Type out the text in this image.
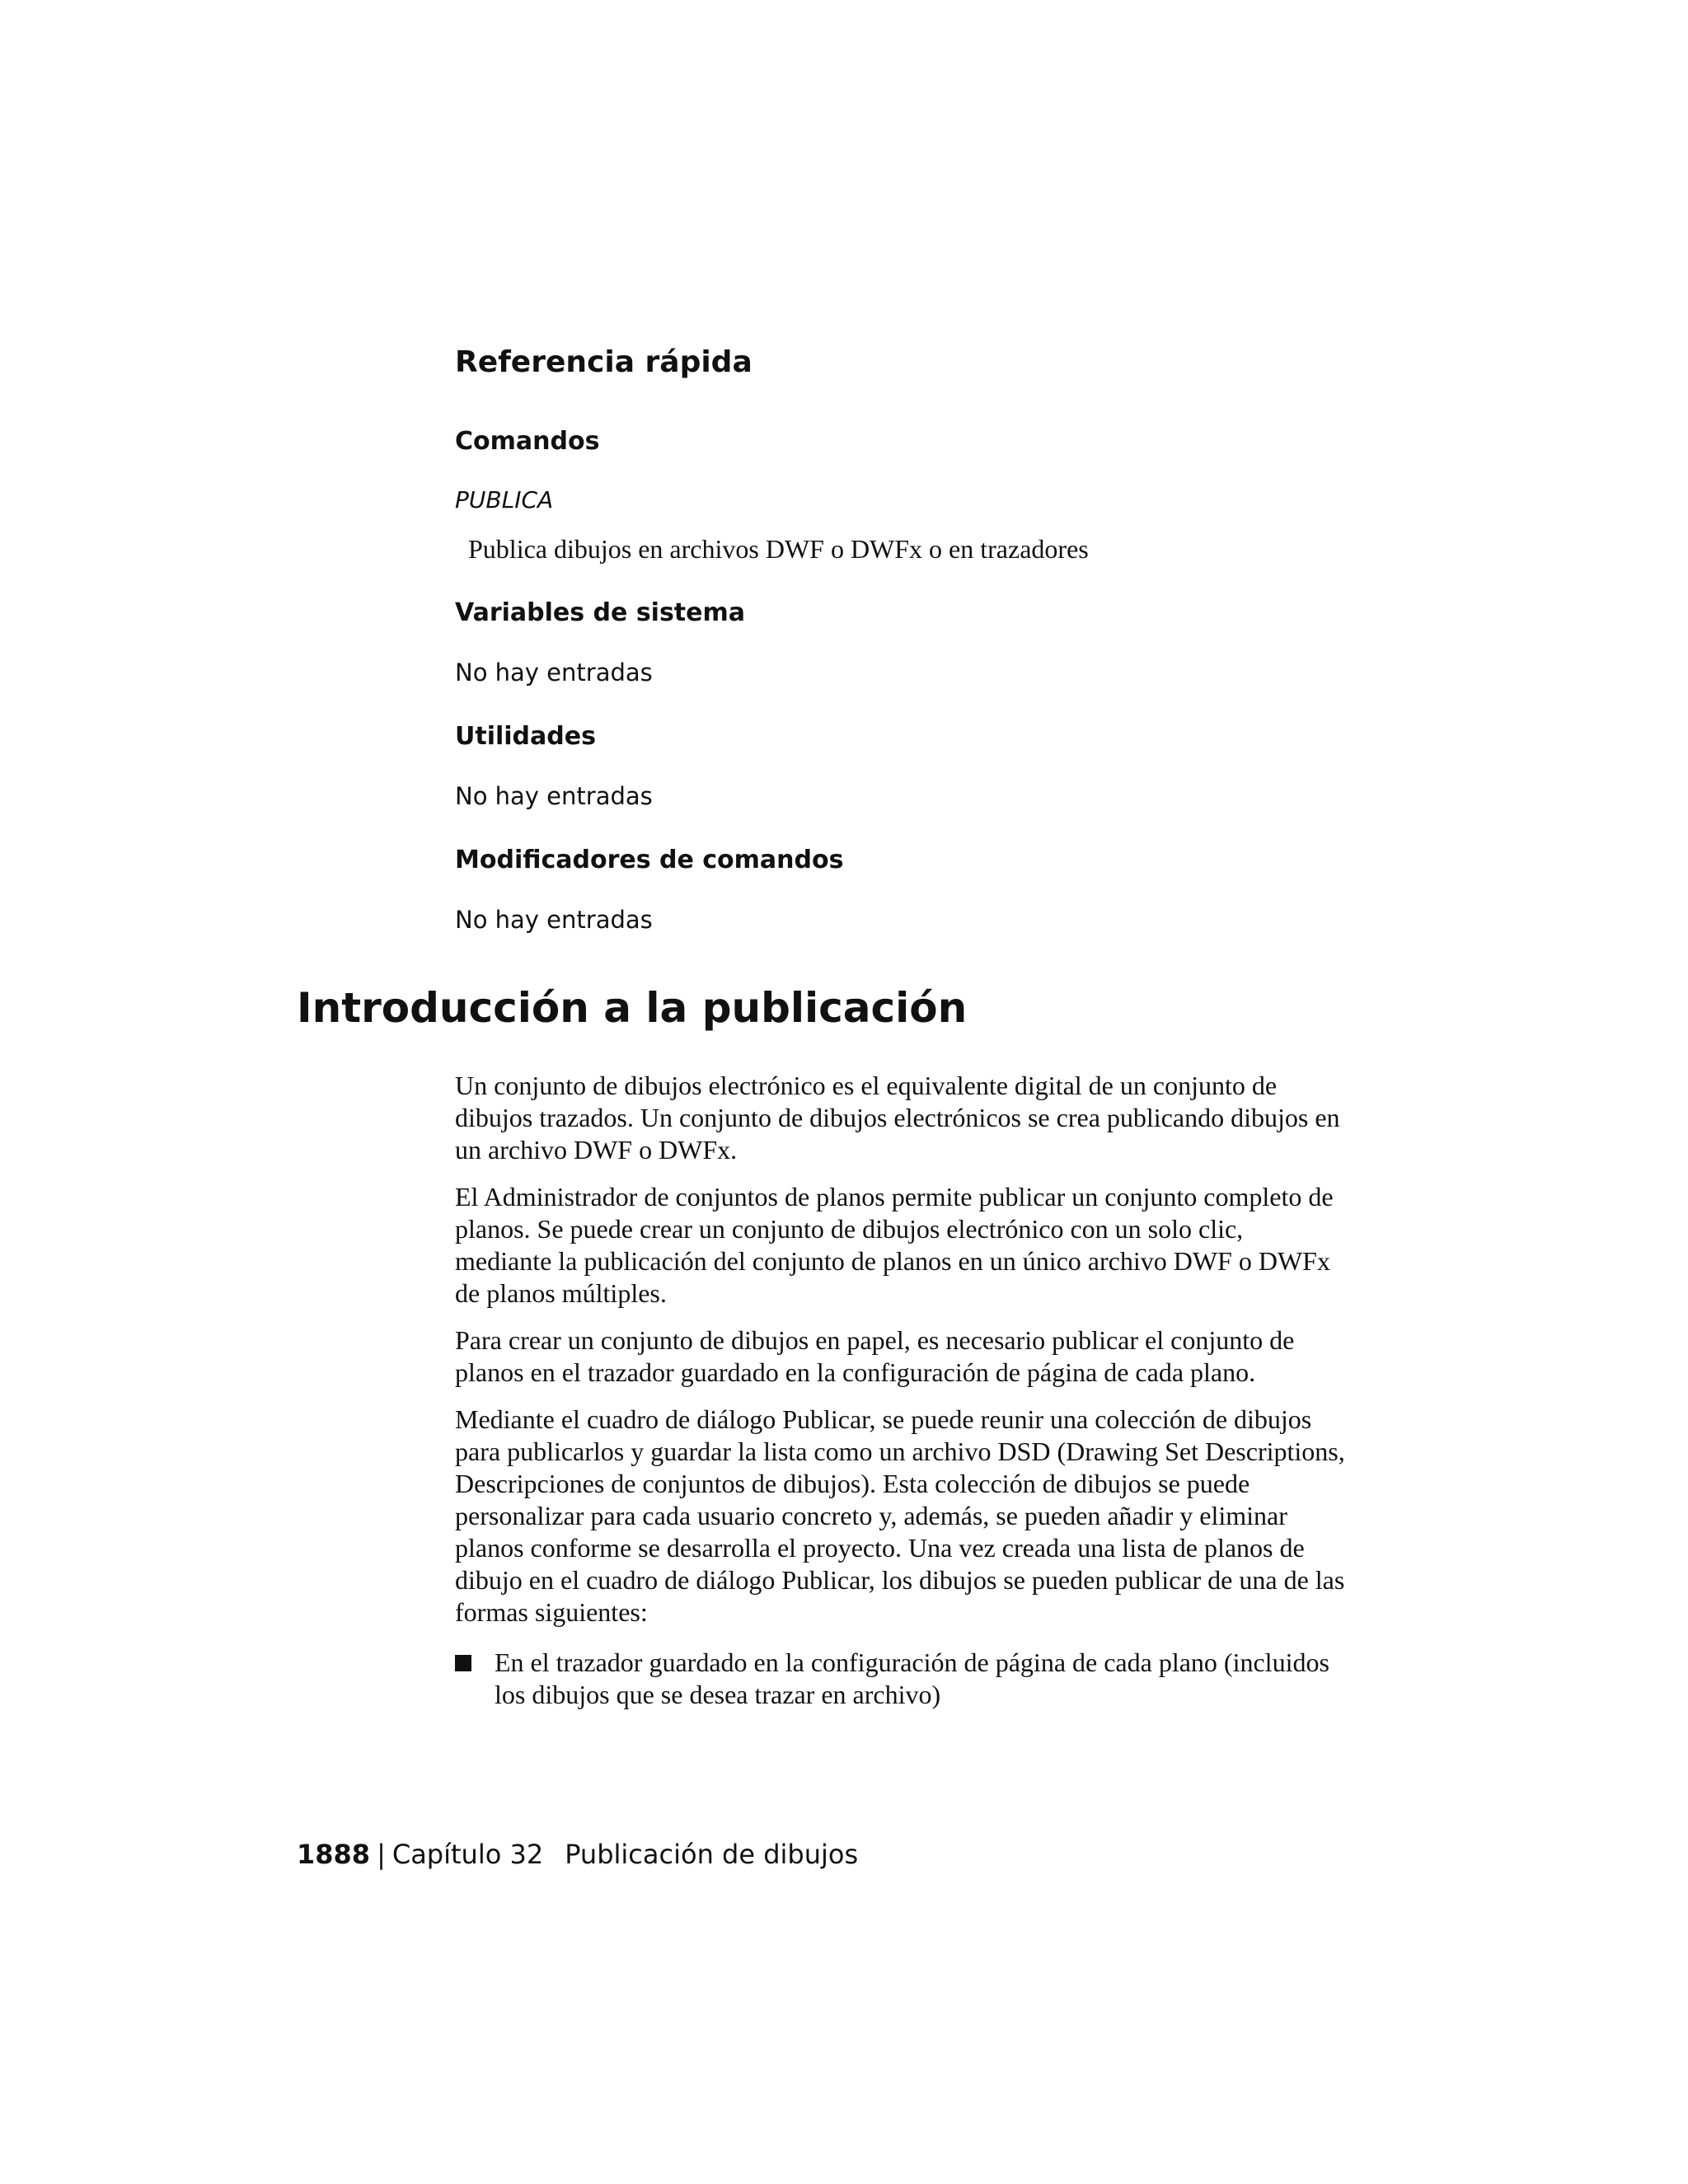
Referencia rápida
Comandos
PUBLICA
Publica dibujos en archivos DWF o DWFx o en trazadores
Variables de sistema
No hay entradas
Utilidades
No hay entradas
Modificadores de comandos
No hay entradas
Introducción a la publicación

Un conjunto de dibujos electrónico es el equivalente digital de un conjunto de dibujos trazados. Un conjunto de dibujos electrónicos se crea publicando dibujos en un archivo DWF o DWFx.

El Administrador de conjuntos de planos permite publicar un conjunto completo de planos. Se puede crear un conjunto de dibujos electrónico con un solo clic, mediante la publicación del conjunto de planos en un único archivo DWF o DWFx de planos múltiples.

Para crear un conjunto de dibujos en papel, es necesario publicar el conjunto de planos en el trazador guardado en la configuración de página de cada plano.

Mediante el cuadro de diálogo Publicar, se puede reunir una colección de dibujos para publicarlos y guardar la lista como un archivo DSD (Drawing Set Descriptions, Descripciones de conjuntos de dibujos). Esta colección de dibujos se puede personalizar para cada usuario concreto y, además, se pueden añadir y eliminar planos conforme se desarrolla el proyecto. Una vez creada una lista de planos de dibujo en el cuadro de diálogo Publicar, los dibujos se pueden publicar de una de las formas siguientes:

En el trazador guardado en la configuración de página de cada plano (incluidos los dibujos que se desea trazar en archivo)
1888 | Capítulo 32 Publicación de dibujos
